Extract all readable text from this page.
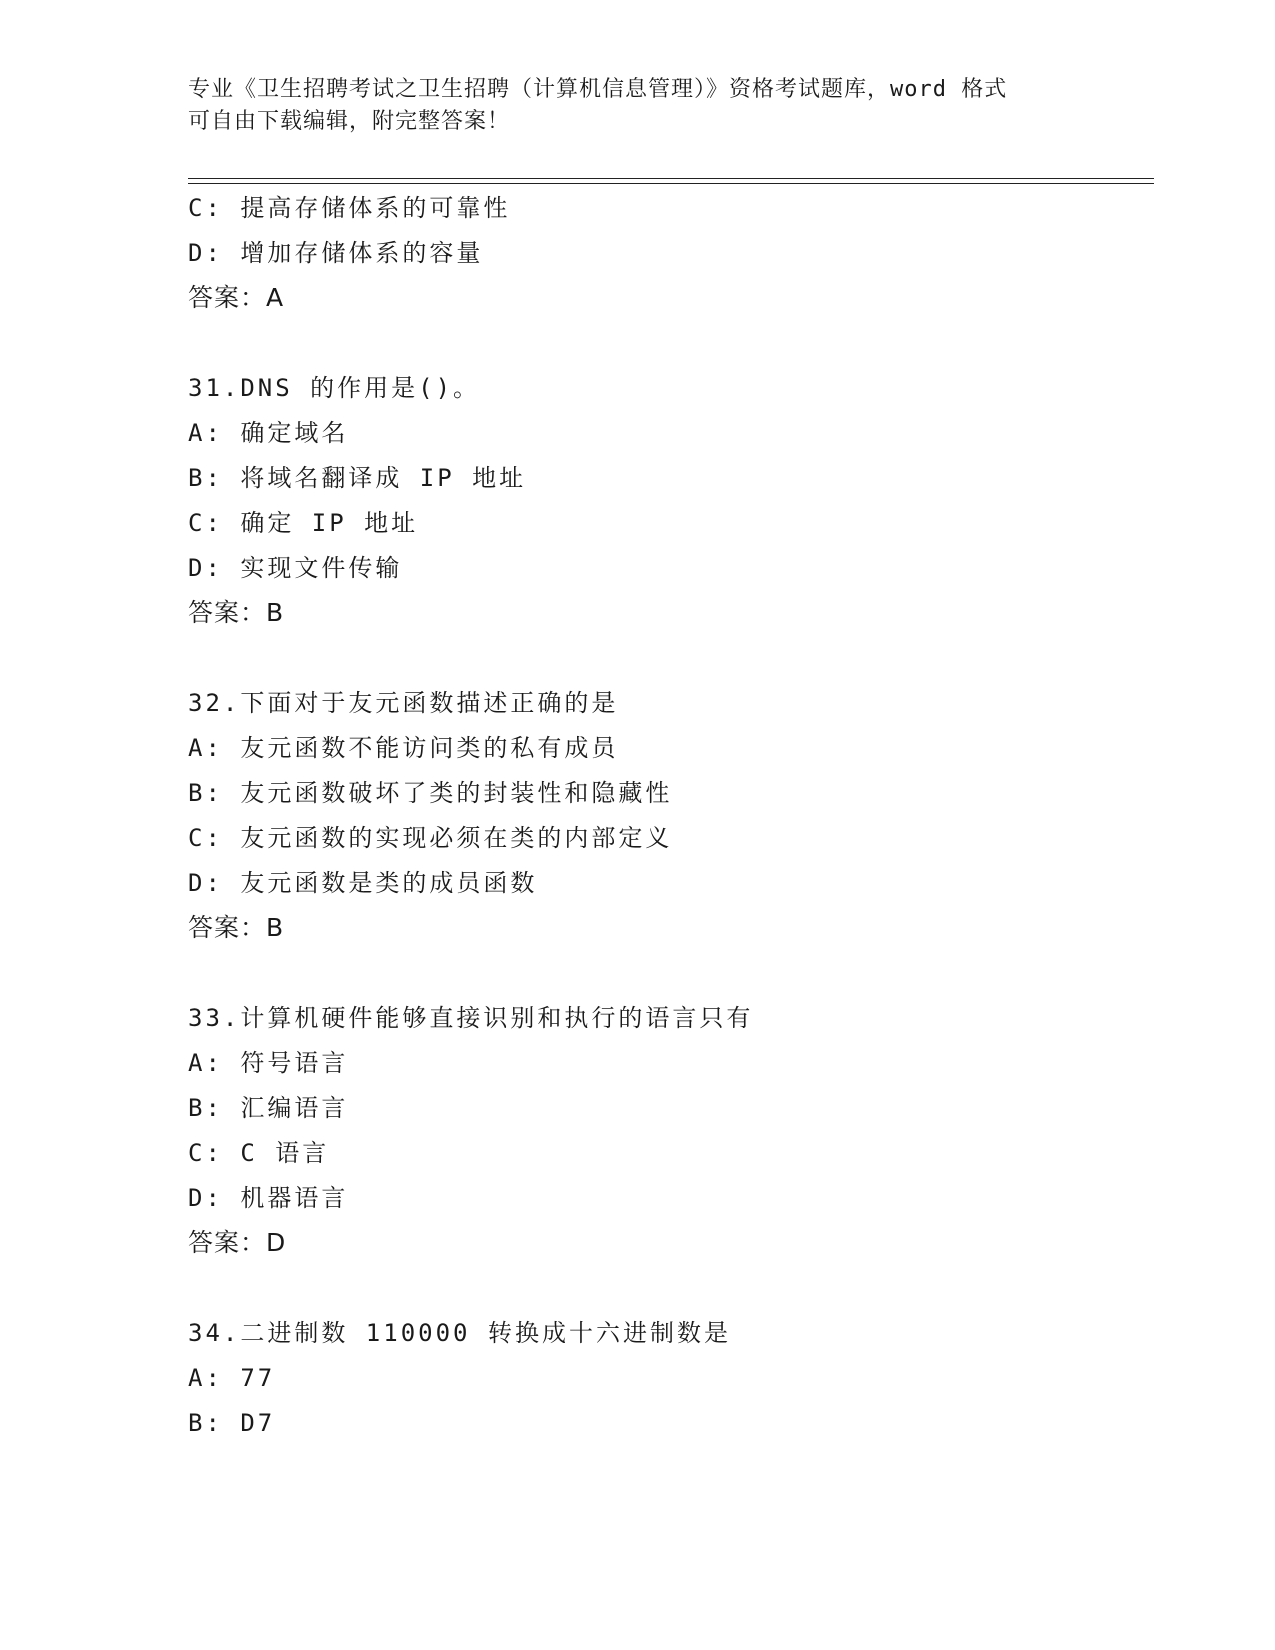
专业《卫生招聘考试之卫生招聘（计算机信息管理）》资格考试题库，word 格式
可自由下载编辑，附完整答案！
C: 提高存储体系的可靠性
D: 增加存储体系的容量
答案：A
31.DNS 的作用是()。
A: 确定域名
B: 将域名翻译成 IP 地址
C: 确定 IP 地址
D: 实现文件传输
答案：B
32.下面对于友元函数描述正确的是
A: 友元函数不能访问类的私有成员
B: 友元函数破坏了类的封装性和隐藏性
C: 友元函数的实现必须在类的内部定义
D: 友元函数是类的成员函数
答案：B
33.计算机硬件能够直接识别和执行的语言只有
A: 符号语言
B: 汇编语言
C: C 语言
D: 机器语言
答案：D
34.二进制数 110000 转换成十六进制数是
A: 77
B: D7
